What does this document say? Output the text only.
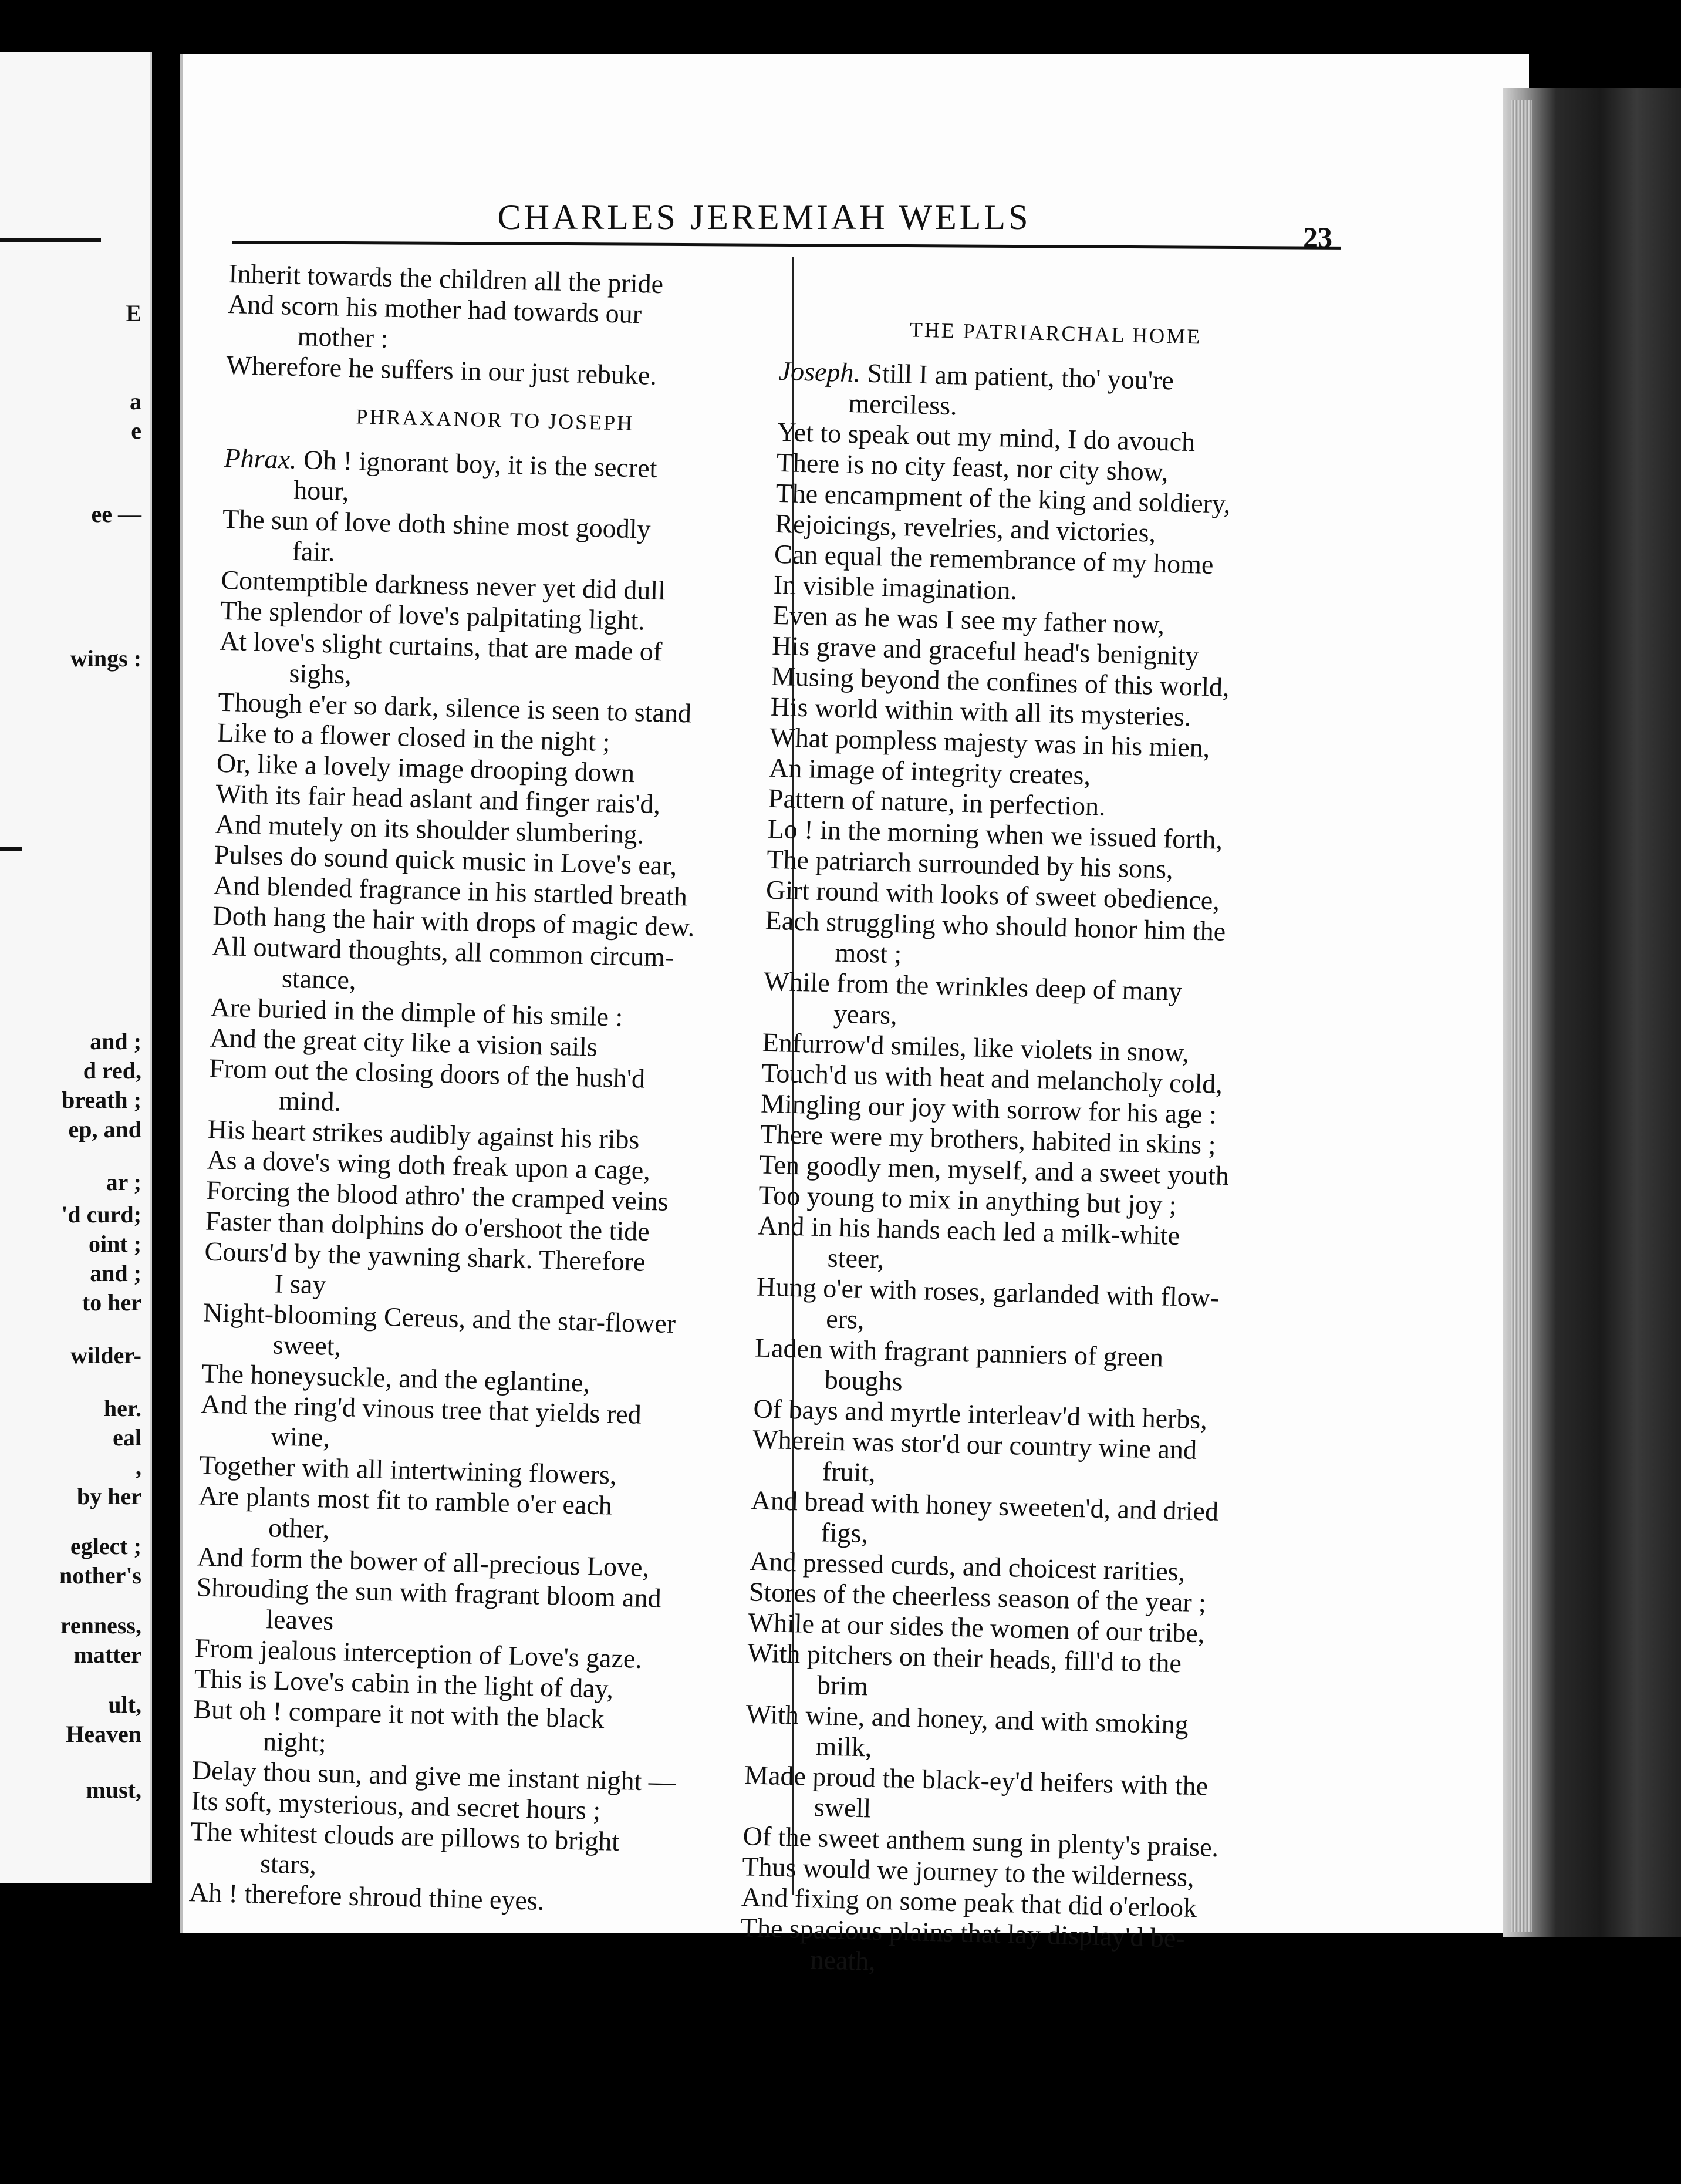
E
a
e
ee —
wings :
and ;
d red,
breath ;
ep, and
ar ;
'd curd;
oint ;
and ;
to her
wilder-
her.
eal
,
by her
eglect ;
nother's
renness,
matter
ult,
Heaven
must,
CHARLES JEREMIAH WELLS
23
Inherit towards the children all the pride
And scorn his mother had towards our
mother :
Wherefore he suffers in our just rebuke.
PHRAXANOR TO JOSEPH
Phrax. Oh ! ignorant boy, it is the secret
hour,
The sun of love doth shine most goodly
fair.
Contemptible darkness never yet did dull
The splendor of love's palpitating light.
At love's slight curtains, that are made of
sighs,
Though e'er so dark, silence is seen to stand
Like to a flower closed in the night ;
Or, like a lovely image drooping down
With its fair head aslant and finger rais'd,
And mutely on its shoulder slumbering.
Pulses do sound quick music in Love's ear,
And blended fragrance in his startled breath
Doth hang the hair with drops of magic dew.
All outward thoughts, all common circum-
stance,
Are buried in the dimple of his smile :
And the great city like a vision sails
From out the closing doors of the hush'd
mind.
His heart strikes audibly against his ribs
As a dove's wing doth freak upon a cage,
Forcing the blood athro' the cramped veins
Faster than dolphins do o'ershoot the tide
Cours'd by the yawning shark. Therefore
I say
Night-blooming Cereus, and the star-flower
sweet,
The honeysuckle, and the eglantine,
And the ring'd vinous tree that yields red
wine,
Together with all intertwining flowers,
Are plants most fit to ramble o'er each
other,
And form the bower of all-precious Love,
Shrouding the sun with fragrant bloom and
leaves
From jealous interception of Love's gaze.
This is Love's cabin in the light of day,
But oh ! compare it not with the black
night;
Delay thou sun, and give me instant night —
Its soft, mysterious, and secret hours ;
The whitest clouds are pillows to bright
stars,
Ah ! therefore shroud thine eyes.
THE PATRIARCHAL HOME
Joseph. Still I am patient, tho' you're
merciless.
Yet to speak out my mind, I do avouch
There is no city feast, nor city show,
The encampment of the king and soldiery,
Rejoicings, revelries, and victories,
Can equal the remembrance of my home
In visible imagination.
Even as he was I see my father now,
His grave and graceful head's benignity
Musing beyond the confines of this world,
His world within with all its mysteries.
What pompless majesty was in his mien,
An image of integrity creates,
Pattern of nature, in perfection.
Lo ! in the morning when we issued forth,
The patriarch surrounded by his sons,
Girt round with looks of sweet obedience,
Each struggling who should honor him the
most ;
While from the wrinkles deep of many
years,
Enfurrow'd smiles, like violets in snow,
Touch'd us with heat and melancholy cold,
Mingling our joy with sorrow for his age :
There were my brothers, habited in skins ;
Ten goodly men, myself, and a sweet youth
Too young to mix in anything but joy ;
And in his hands each led a milk-white
steer,
Hung o'er with roses, garlanded with flow-
ers,
Laden with fragrant panniers of green
boughs
Of bays and myrtle interleav'd with herbs,
Wherein was stor'd our country wine and
fruit,
And bread with honey sweeten'd, and dried
figs,
And pressed curds, and choicest rarities,
Stores of the cheerless season of the year ;
While at our sides the women of our tribe,
With pitchers on their heads, fill'd to the
brim
With wine, and honey, and with smoking
milk,
Made proud the black-ey'd heifers with the
swell
Of the sweet anthem sung in plenty's praise.
Thus would we journey to the wilderness,
And fixing on some peak that did o'erlook
The spacious plains that lay display'd be-
neath,
